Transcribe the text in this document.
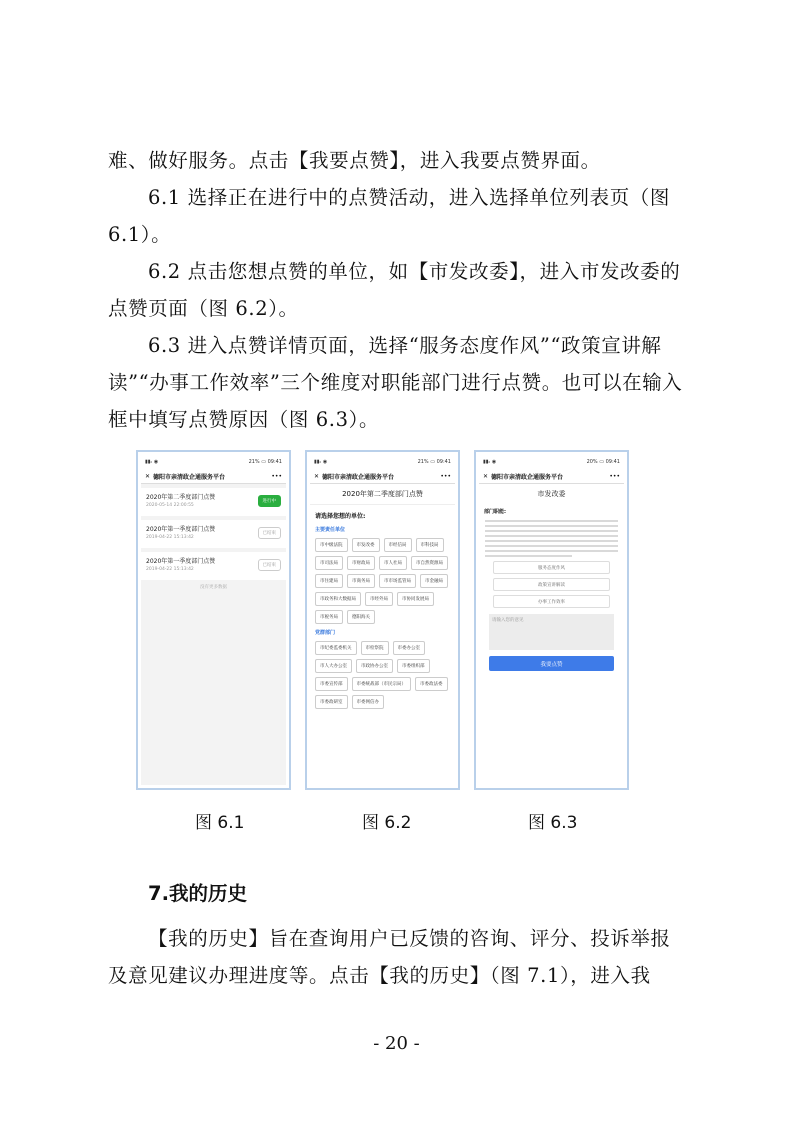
难、做好服务。点击【我要点赞】，进入我要点赞界面。
6.1 选择正在进行中的点赞活动，进入选择单位列表页（图 6.1）。
6.2 点击您想点赞的单位，如【市发改委】，进入市发改委的点赞页面（图 6.2）。
6.3 进入点赞详情页面，选择“服务态度作风”“政策宣讲解读”“办事工作效率”三个维度对职能部门进行点赞。也可以在输入框中填写点赞原因（图 6.3）。
▮▮ᵢₗ ◉	21% ▭ 09:41
✕ 德阳市亲清政企通服务平台	•••
2020年第二季度部门点赞
2020-05-14 22:00:55
进行中
2020年第一季度部门点赞
2019-04-22 15:13:42
已结束
2020年第一季度部门点赞
2019-04-22 15:13:42
已结束
没有更多数据
▮▮ᵢₗ ◉	21% ▭ 09:41
✕ 德阳市亲清政企通服务平台	•••
2020年第二季度部门点赞
请选择您想的单位:
主要责任单位
市中级法院	市发改委	市经信局	市科技局
市司法局	市财政局	市人社局	市自然资源局
市住建局	市商务局	市市场监管局	市金融局
市政务和大数据局	市经外局	市协同发展局
市税务局	德阳海关
党群部门
市纪委监委机关	市检察院	市委办公室
市人大办公室	市政协办公室	市委组织部
市委宣传部	市委统战部（市民宗局）	市委政法委
市委政研室	市委网信办
▮▮ᵢₗ ◉	20% ▭ 09:41
✕ 德阳市亲清政企通服务平台	•••
市发改委
部门职能:
服务态度作风
政策宣讲解读
办事工作效率
请输入您的意见
我要点赞
图 6.1	图 6.2	图 6.3
7.我的历史
【我的历史】旨在查询用户已反馈的咨询、评分、投诉举报及意见建议办理进度等。点击【我的历史】（图 7.1），进入我
- 20 -
